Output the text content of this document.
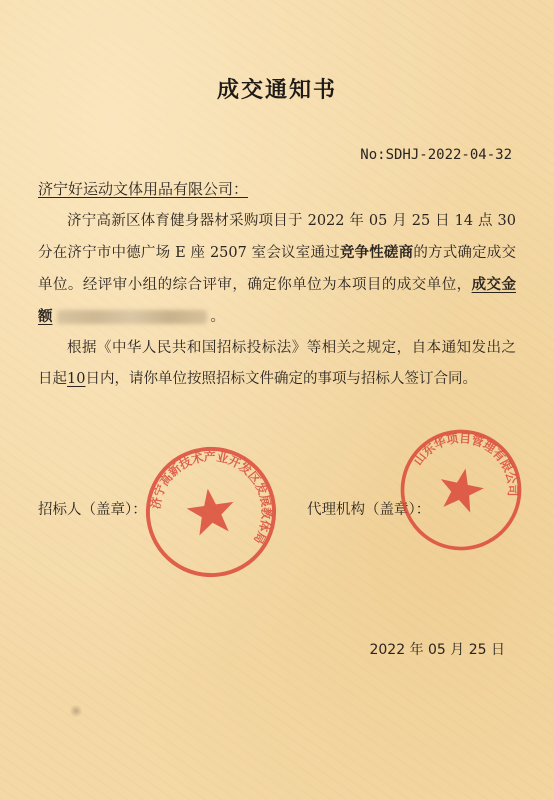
成交通知书
No:SDHJ-2022-04-32
济宁好运动文体用品有限公司：

济宁高新区体育健身器材采购项目于 2022 年 05 月 25 日 14 点 30 分在济宁市中德广场 E 座 2507 室会议室通过竞争性磋商的方式确定成交单位。经评审小组的综合评审，确定你单位为本项目的成交单位，成交金额	。

根据《中华人民共和国招标投标法》等相关之规定，自本通知发出之日起10日内，请你单位按照招标文件确定的事项与招标人签订合同。

招标人（盖章）：	代理机构（盖章）：
济宁高新技术产业开发区发展教体局
山东华项目管理有限公司
2022 年 05 月 25 日
